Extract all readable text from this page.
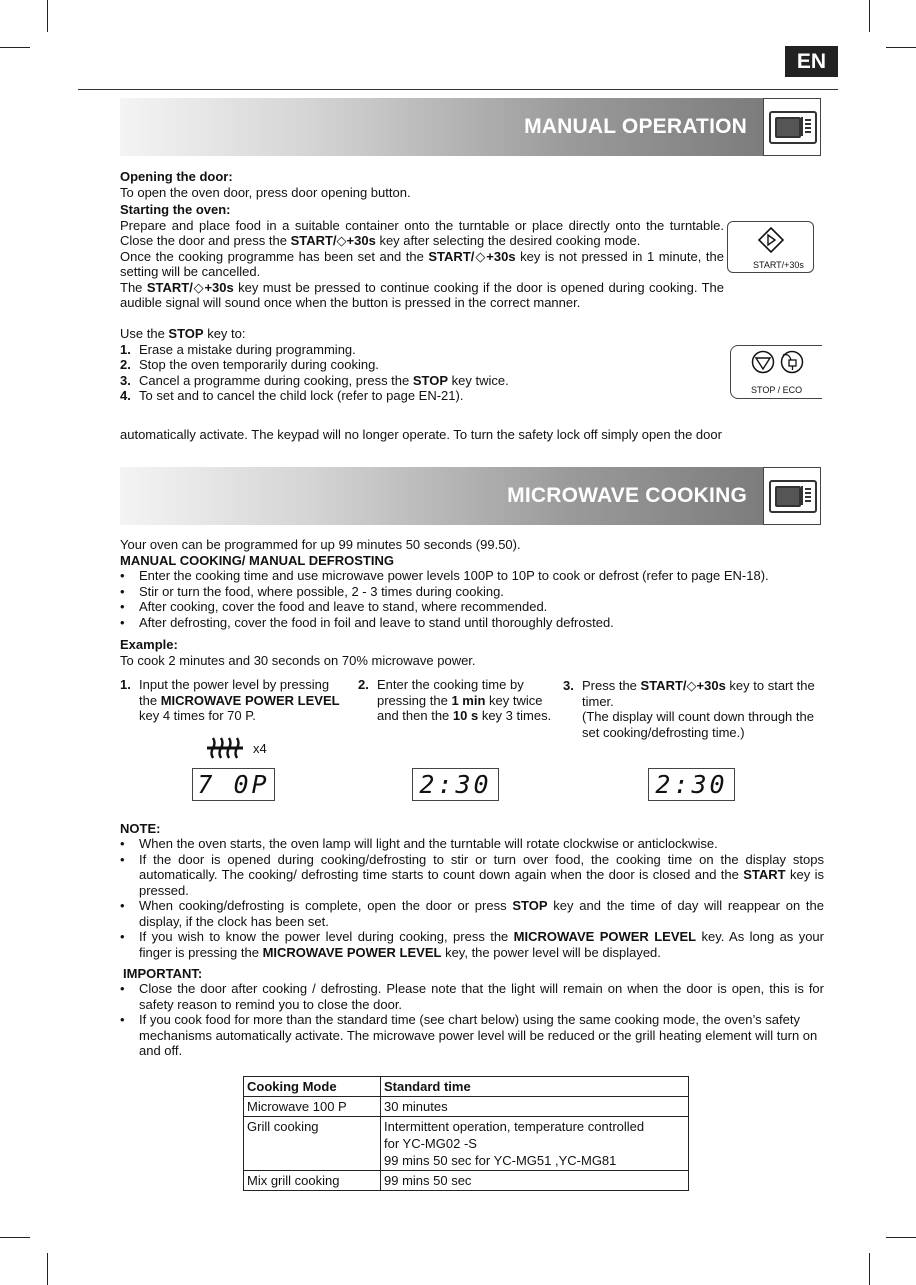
EN
MANUAL OPERATION

Opening the door:

To open the oven door, press door opening button.

Starting the oven:

Prepare and place food in a suitable container onto the turntable or place directly onto the turntable. Close the door and press the START/◇+30s key after selecting the desired cooking mode.

Once the cooking programme has been set and the START/◇+30s key is not pressed in 1 minute, the setting will be cancelled.

The START/◇+30s key must be pressed to continue cooking if the door is opened during cooking. The audible signal will sound once when the button is pressed in the correct manner.

START/+30s

Use the STOP key to:

1. Erase a mistake during programming.
2. Stop the oven temporarily during cooking.
3. Cancel a programme during cooking, press the STOP key twice.
4. To set and to cancel the child lock (refer to page EN-21).	STOP / ECO
automatically activate. The keypad will no longer operate. To turn the safety lock off simply open the door
MICROWAVE COOKING

Your oven can be programmed for up 99 minutes 50 seconds (99.50).

MANUAL COOKING/ MANUAL DEFROSTING

•	Enter the cooking time and use microwave power levels 100P to 10P to cook or defrost (refer to page EN-18).
•	Stir or turn the food, where possible, 2 - 3 times during cooking.
•	After cooking, cover the food and leave to stand, where recommended.
•	After defrosting, cover the food in foil and leave to stand until thoroughly defrosted.

Example:

To cook 2 minutes and 30 seconds on 70% microwave power.

1. Input the power level by pressing the MICROWAVE POWER LEVEL key 4 times for 70 P.
2. Enter the cooking time by pressing the 1 min key twice and then the 10 s key 3 times.
3. Press the START/◇+30s key to start the timer.
(The display will count down through the set cooking/defrosting time.)
x4
7 0P	2:30	2:30
NOTE:
•	When the oven starts, the oven lamp will light and the turntable will rotate clockwise or anticlockwise.
•	If the door is opened during cooking/defrosting to stir or turn over food, the cooking time on the display stops automatically. The cooking/ defrosting time starts to count down again when the door is closed and the START key is pressed.
•	When cooking/defrosting is complete, open the door or press STOP key and the time of day will reappear on the display, if the clock has been set.
•	If you wish to know the power level during cooking, press the MICROWAVE POWER LEVEL key. As long as your finger is pressing the MICROWAVE POWER LEVEL key, the power level will be displayed.
IMPORTANT:
•	Close the door after cooking / defrosting. Please note that the light will remain on when the door is open, this is for safety reason to remind you to close the door.
•	If you cook food for more than the standard time (see chart below) using the same cooking mode, the oven’s safety mechanisms automatically activate. The microwave power level will be reduced or the grill heating element will turn on and off.
Cooking Mode	Standard time
Microwave 100 P	30 minutes
Grill cooking	Intermittent operation, temperature controlled
for YC-MG02 -S
99 mins 50 sec for YC-MG51 ,YC-MG81

Mix grill cooking	99 mins 50 sec
